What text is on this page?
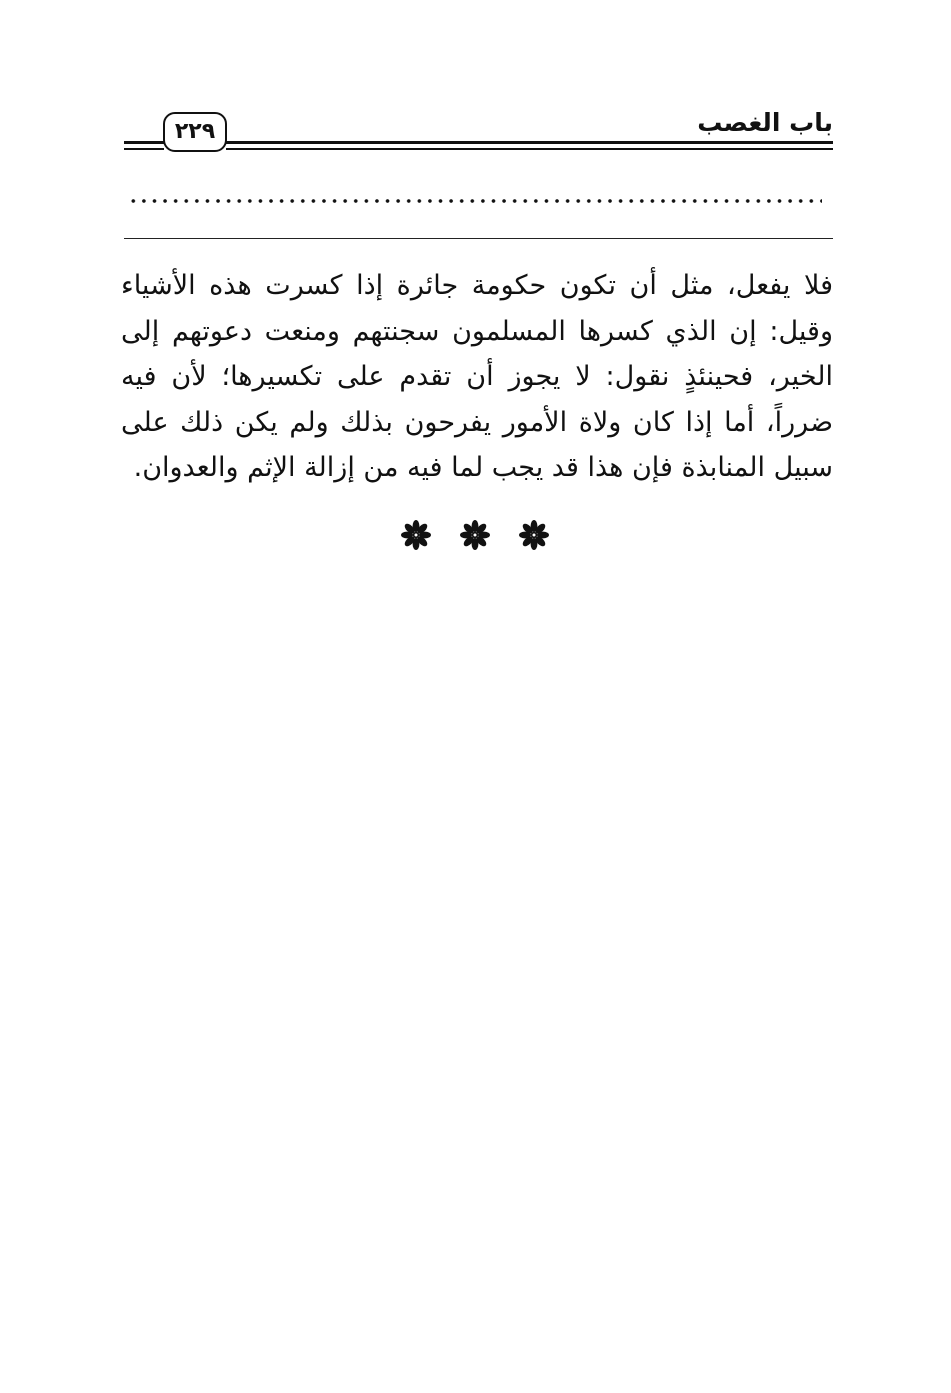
باب الغصب
٢٢٩
فلا يفعل، مثل أن تكون حكومة جائرة إذا كسرت هذه الأشياء
وقيل: إن الذي كسرها المسلمون سجنتهم ومنعت دعوتهم إلى
الخير، فحينئذٍ نقول: لا يجوز أن تقدم على تكسيرها؛ لأن فيه
ضرراً، أما إذا كان ولاة الأمور يفرحون بذلك ولم يكن ذلك على
سبيل المنابذة فإن هذا قد يجب لما فيه من إزالة الإثم والعدوان.
